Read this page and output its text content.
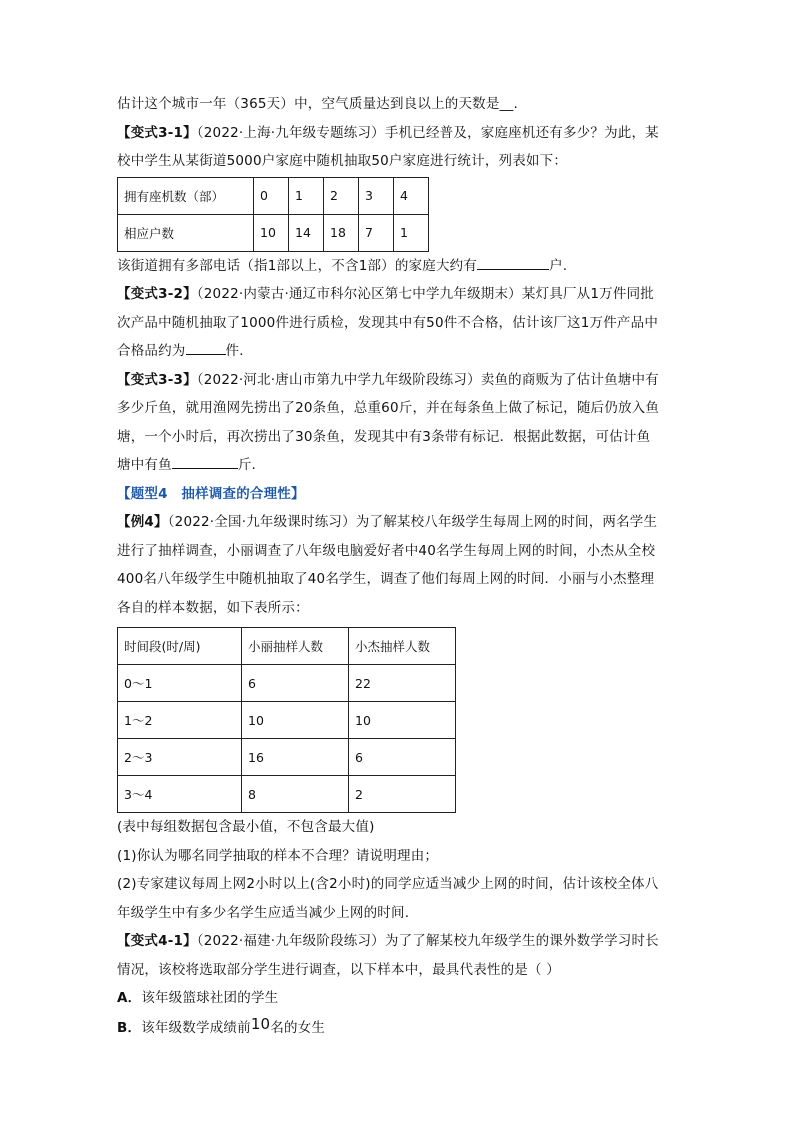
估计这个城市一年（365天）中，空气质量达到良以上的天数是__.
【变式3-1】（2022·上海·九年级专题练习）手机已经普及，家庭座机还有多少？为此，某
校中学生从某街道5000户家庭中随机抽取50户家庭进行统计，列表如下：
拥有座机数（部）	0	1	2	3	4
相应户数	10	14	18	7	1
该街道拥有多部电话（指1部以上，不含1部）的家庭大约有	户.
【变式3-2】（2022·内蒙古·通辽市科尔沁区第七中学九年级期末）某灯具厂从1万件同批
次产品中随机抽取了1000件进行质检，发现其中有50件不合格，估计该厂这1万件产品中
合格品约为	件.
【变式3-3】（2022·河北·唐山市第九中学九年级阶段练习）卖鱼的商贩为了估计鱼塘中有
多少斤鱼，就用渔网先捞出了20条鱼，总重60斤，并在每条鱼上做了标记，随后仍放入鱼
塘，一个小时后，再次捞出了30条鱼，发现其中有3条带有标记．根据此数据，可估计鱼
塘中有鱼	斤.
【题型4　抽样调查的合理性】
【例4】（2022·全国·九年级课时练习）为了解某校八年级学生每周上网的时间，两名学生
进行了抽样调查，小丽调查了八年级电脑爱好者中40名学生每周上网的时间，小杰从全校
400名八年级学生中随机抽取了40名学生，调查了他们每周上网的时间．小丽与小杰整理
各自的样本数据，如下表所示：
时间段(时/周)	小丽抽样人数	小杰抽样人数
0～1	6	22
1～2	10	10
2～3	16	6
3～4	8	2
(表中每组数据包含最小值，不包含最大值)
(1)你认为哪名同学抽取的样本不合理？请说明理由；
(2)专家建议每周上网2小时以上(含2小时)的同学应适当减少上网的时间，估计该校全体八
年级学生中有多少名学生应适当减少上网的时间.
【变式4-1】（2022·福建·九年级阶段练习）为了了解某校九年级学生的课外数学学习时长
情况，该校将选取部分学生进行调查，以下样本中，最具代表性的是（ ）
A．该年级篮球社团的学生
B．该年级数学成绩前10名的女生
